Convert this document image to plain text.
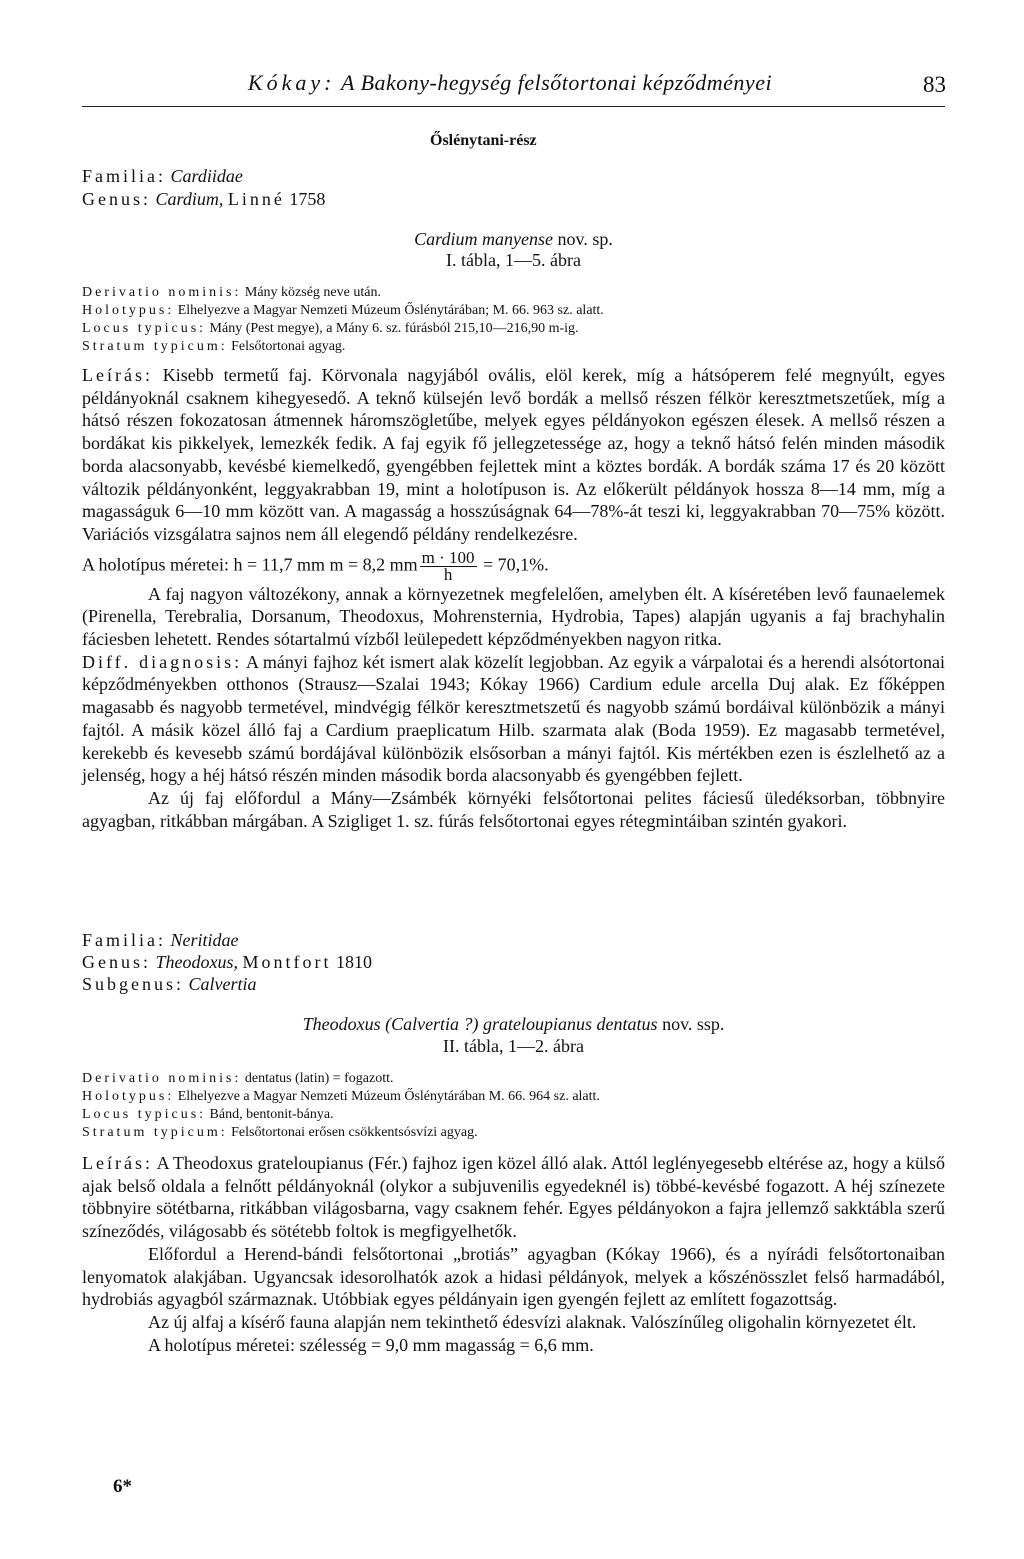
Kókay: A Bakony-hegység felsőtortonai képződményei	83
Őslénytani-rész
Familia: Cardiidae
Genus: Cardium, Linné 1758
Cardium manyense nov. sp.
I. tábla, 1—5. ábra
Derivatio nominis: Mány község neve után.
Holotypus: Elhelyezve a Magyar Nemzeti Múzeum Őslénytárában; M. 66. 963 sz. alatt.
Locus typicus: Mány (Pest megye), a Mány 6. sz. fúrásból 215,10—216,90 m-ig.
Stratum typicum: Felsőtortonai agyag.

Leírás: Kisebb termetű faj. Körvonala nagyjából ovális, elöl kerek, míg a hátsóperem felé megnyúlt, egyes példányoknál csaknem kihegyesedő. A teknő külsején levő bordák a mellső részen félkör keresztmetszetűek, míg a hátsó részen fokozatosan átmennek háromszögletűbe, melyek egyes példányokon egészen élesek. A mellső részen a bordákat kis pikkelyek, lemezkék fedik. A faj egyik fő jellegzetessége az, hogy a teknő hátsó felén minden második borda alacsonyabb, kevésbé kiemelkedő, gyengébben fejlettek mint a köztes bordák. A bordák száma 17 és 20 között változik példányonként, leggyakrabban 19, mint a holotípuson is. Az előkerült példányok hossza 8—14 mm, míg a magasságuk 6—10 mm között van. A magasság a hosszúságnak 64—78%-át teszi ki, leggyakrabban 70—75% között. Variációs vizsgálatra sajnos nem áll elegendő példány rendelkezésre.

A holotípus méretei: h = 11,7 mm m = 8,2 mm $\frac{m \cdot 100}{h} = 70,1\%$.

A faj nagyon változékony, annak a környezetnek megfelelően, amelyben élt. A kíséretében levő faunaelemek (Pirenella, Terebralia, Dorsanum, Theodoxus, Mohrensternia, Hydrobia, Tapes) alapján ugyanis a faj brachyhalin fáciesben lehetett. Rendes sótartalmú vízből leülepedett képződményekben nagyon ritka.

Diff. diagnosis: A mányi fajhoz két ismert alak közelít legjobban. Az egyik a várpalotai és a herendi alsótortonai képződményekben otthonos (Strausz—Szalai 1943; Kókay 1966) Cardium edule arcella Duj alak. Ez főképpen magasabb és nagyobb termetével, mindvégig félkör keresztmetszetű és nagyobb számú bordáival különbözik a mányi fajtól. A másik közel álló faj a Cardium praeplicatum Hilb. szarmata alak (Boda 1959). Ez magasabb termetével, kerekebb és kevesebb számú bordájával különbözik elsősorban a mányi fajtól. Kis mértékben ezen is észlelhető az a jelenség, hogy a héj hátsó részén minden második borda alacsonyabb és gyengébben fejlett.

Az új faj előfordul a Mány—Zsámbék környéki felsőtortonai pelites fáciesű üledéksorban, többnyire agyagban, ritkábban márgában. A Szigliget 1. sz. fúrás felsőtortonai egyes rétegmintáiban szintén gyakori.

Familia: Neritidae
Genus: Theodoxus, Montfort 1810
Subgenus: Calvertia
Theodoxus (Calvertia ?) grateloupianus dentatus nov. ssp.
II. tábla, 1—2. ábra
Derivatio nominis: dentatus (latin) = fogazott.
Holotypus: Elhelyezve a Magyar Nemzeti Múzeum Őslénytárában M. 66. 964 sz. alatt.
Locus typicus: Bánd, bentonit-bánya.
Stratum typicum: Felsőtortonai erősen csökkentsósvízi agyag.

Leírás: A Theodoxus grateloupianus (Fér.) fajhoz igen közel álló alak. Attól leglényegesebb eltérése az, hogy a külső ajak belső oldala a felnőtt példányoknál (olykor a subjuvenilis egyedeknél is) többé-kevésbé fogazott. A héj színezete többnyire sötétbarna, ritkábban világosbarna, vagy csaknem fehér. Egyes példányokon a fajra jellemző sakktábla szerű színeződés, világosabb és sötétebb foltok is megfigyelhetők.

Előfordul a Herend-bándi felsőtortonai „brotiás” agyagban (Kókay 1966), és a nyírádi felsőtortonaiban lenyomatok alakjában. Ugyancsak idesorolhatók azok a hidasi példányok, melyek a kőszénösszlet felső harmadából, hydrobiás agyagból származnak. Utóbbiak egyes példányain igen gyengén fejlett az említett fogazottság.

Az új alfaj a kísérő fauna alapján nem tekinthető édesvízi alaknak. Valószínűleg oligohalin környezetet élt.

A holotípus méretei: szélesség = 9,0 mm magasság = 6,6 mm.

6*
